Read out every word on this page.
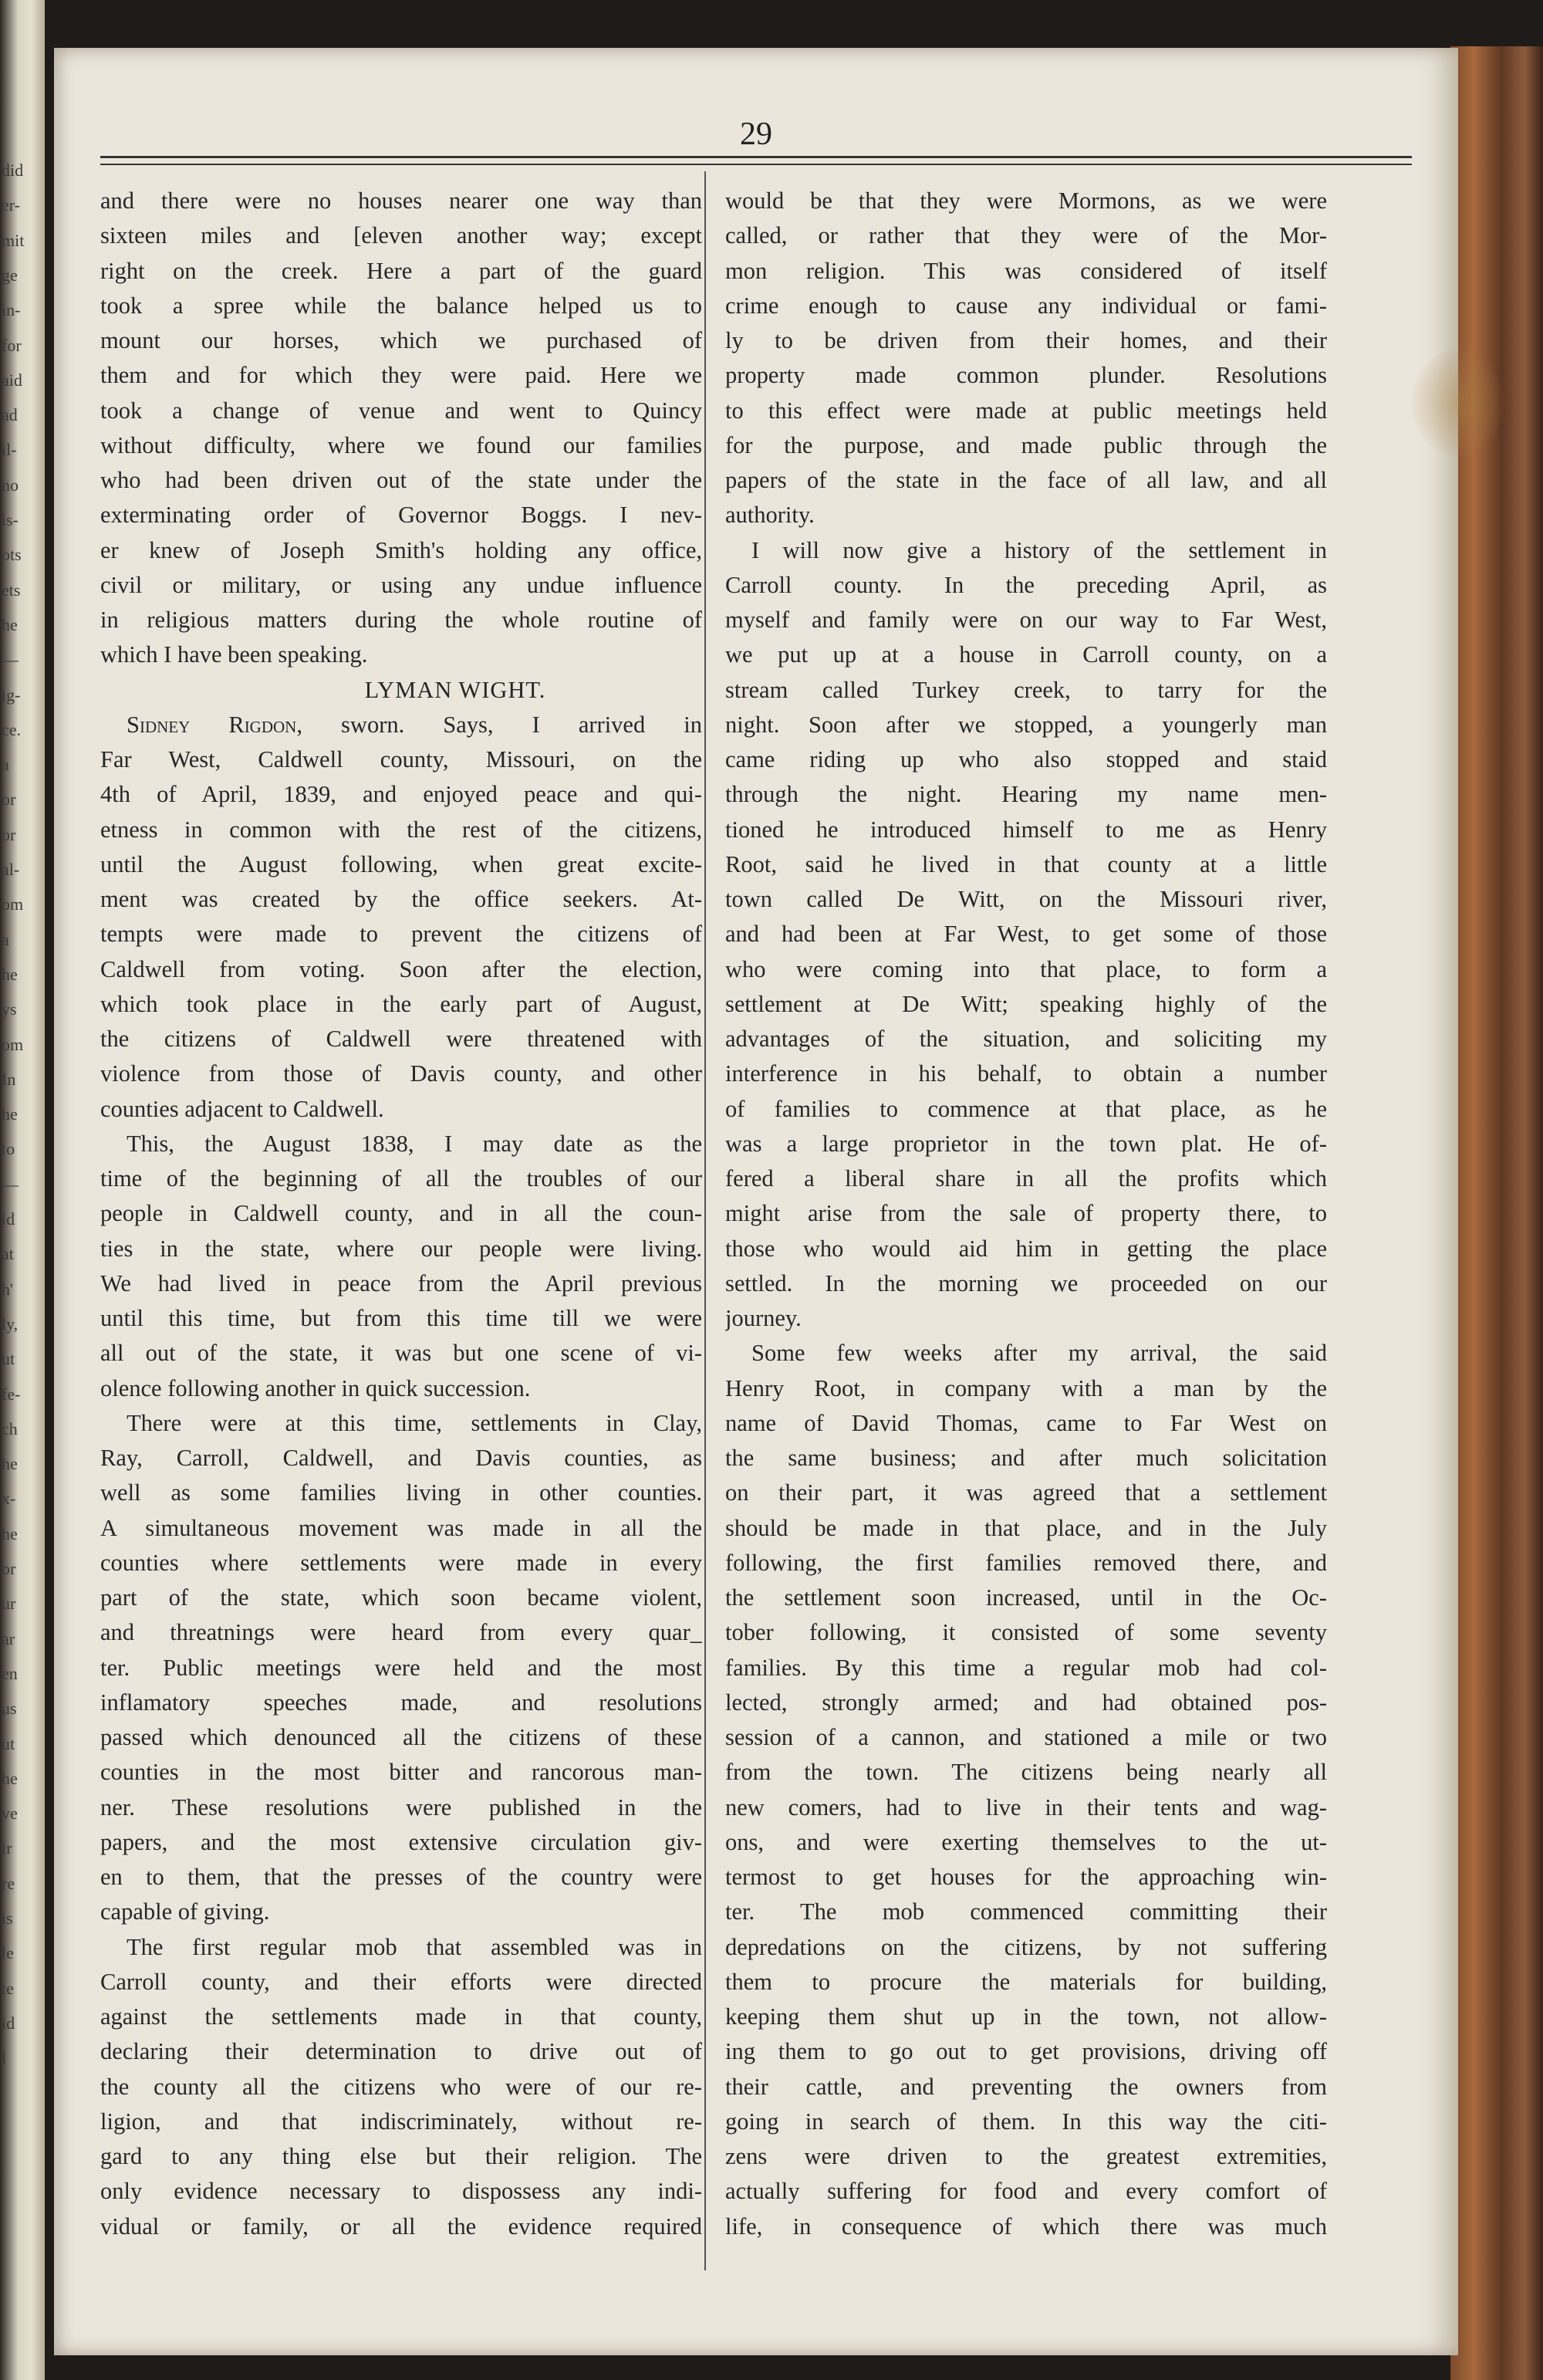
did
er-
mit
ge
in-
for
aid
ad
il-
no
is-
ots
ets
he
—
ig-
ce.
a
or
or
al-
om
a
he
ys
om
In
he
to
—
id
at
h'
ly,
ut
fe-
ch
he
x-
he
or
ur
ar
en
us
ut
he
ve
ir
re
is
le
te
id
l
29
and there were no houses nearer one way than
sixteen miles and [eleven another way; except
right on the creek. Here a part of the guard
took a spree while the balance helped us to
mount our horses, which we purchased of
them and for which they were paid. Here we
took a change of venue and went to Quincy
without difficulty, where we found our families
who had been driven out of the state under the
exterminating order of Governor Boggs. I nev-
er knew of Joseph Smith's holding any office,
civil or military, or using any undue influence
in religious matters during the whole routine of
which I have been speaking.
LYMAN WIGHT.
Sidney Rigdon, sworn. Says, I arrived in
Far West, Caldwell county, Missouri, on the
4th of April, 1839, and enjoyed peace and qui-
etness in common with the rest of the citizens,
until the August following, when great excite-
ment was created by the office seekers. At-
tempts were made to prevent the citizens of
Caldwell from voting. Soon after the election,
which took place in the early part of August,
the citizens of Caldwell were threatened with
violence from those of Davis county, and other
counties adjacent to Caldwell.
This, the August 1838, I may date as the
time of the beginning of all the troubles of our
people in Caldwell county, and in all the coun-
ties in the state, where our people were living.
We had lived in peace from the April previous
until this time, but from this time till we were
all out of the state, it was but one scene of vi-
olence following another in quick succession.
There were at this time, settlements in Clay,
Ray, Carroll, Caldwell, and Davis counties, as
well as some families living in other counties.
A simultaneous movement was made in all the
counties where settlements were made in every
part of the state, which soon became violent,
and threatnings were heard from every quar_
ter. Public meetings were held and the most
inflamatory speeches made, and resolutions
passed which denounced all the citizens of these
counties in the most bitter and rancorous man-
ner. These resolutions were published in the
papers, and the most extensive circulation giv-
en to them, that the presses of the country were
capable of giving.
The first regular mob that assembled was in
Carroll county, and their efforts were directed
against the settlements made in that county,
declaring their determination to drive out of
the county all the citizens who were of our re-
ligion, and that indiscriminately, without re-
gard to any thing else but their religion. The
only evidence necessary to dispossess any indi-
vidual or family, or all the evidence required
would be that they were Mormons, as we were
called, or rather that they were of the Mor-
mon religion. This was considered of itself
crime enough to cause any individual or fami-
ly to be driven from their homes, and their
property made common plunder. Resolutions
to this effect were made at public meetings held
for the purpose, and made public through the
papers of the state in the face of all law, and all
authority.
I will now give a history of the settlement in
Carroll county. In the preceding April, as
myself and family were on our way to Far West,
we put up at a house in Carroll county, on a
stream called Turkey creek, to tarry for the
night. Soon after we stopped, a youngerly man
came riding up who also stopped and staid
through the night. Hearing my name men-
tioned he introduced himself to me as Henry
Root, said he lived in that county at a little
town called De Witt, on the Missouri river,
and had been at Far West, to get some of those
who were coming into that place, to form a
settlement at De Witt; speaking highly of the
advantages of the situation, and soliciting my
interference in his behalf, to obtain a number
of families to commence at that place, as he
was a large proprietor in the town plat. He of-
fered a liberal share in all the profits which
might arise from the sale of property there, to
those who would aid him in getting the place
settled. In the morning we proceeded on our
journey.
Some few weeks after my arrival, the said
Henry Root, in company with a man by the
name of David Thomas, came to Far West on
the same business; and after much solicitation
on their part, it was agreed that a settlement
should be made in that place, and in the July
following, the first families removed there, and
the settlement soon increased, until in the Oc-
tober following, it consisted of some seventy
families. By this time a regular mob had col-
lected, strongly armed; and had obtained pos-
session of a cannon, and stationed a mile or two
from the town. The citizens being nearly all
new comers, had to live in their tents and wag-
ons, and were exerting themselves to the ut-
termost to get houses for the approaching win-
ter. The mob commenced committing their
depredations on the citizens, by not suffering
them to procure the materials for building,
keeping them shut up in the town, not allow-
ing them to go out to get provisions, driving off
their cattle, and preventing the owners from
going in search of them. In this way the citi-
zens were driven to the greatest extremities,
actually suffering for food and every comfort of
life, in consequence of which there was much
